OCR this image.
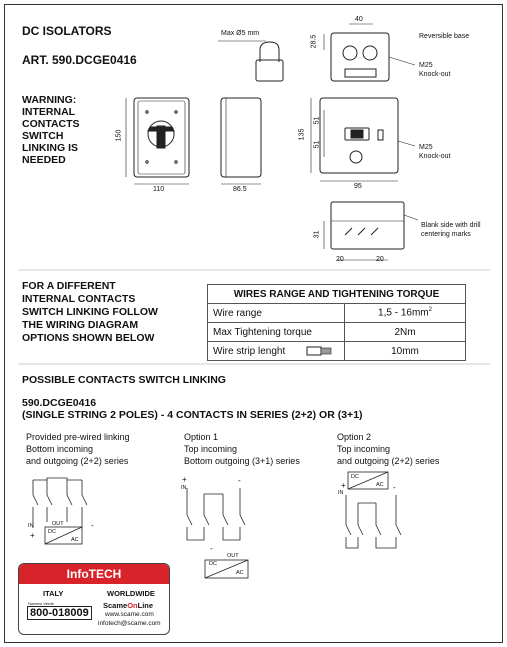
DC ISOLATORS
ART. 590.DCGE0416
WARNING:
INTERNAL
CONTACTS
SWITCH
LINKING IS
NEEDED
Max Ø5 mm	Reversible base
M25
Knock-out
M25
Knock-out
Blank side with drill
centering marks
40
28.5
150
110	86.5
135
51
51
95
31
20	20
FOR A DIFFERENT
INTERNAL CONTACTS
SWITCH LINKING FOLLOW
THE WIRING DIAGRAM
OPTIONS SHOWN BELOW
WIRES RANGE AND TIGHTENING TORQUE	
Wire range	$1,5 - 16mm^2$
Max Tightening torque	2Nm
Wire strip lenght	10mm
POSSIBLE CONTACTS SWITCH LINKING
590.DCGE0416
(SINGLE STRING 2 POLES) - 4 CONTACTS IN SERIES (2+2) OR (3+1)
Provided pre-wired linking
Bottom incoming
and outgoing (2+2) series
Option 1
Top incoming
Bottom outgoing (3+1) series
Option 2
Top incoming
and outgoing (2+2) series
IN	OUT
DC
AC
IN
OUT
DC
AC
DC
AC
IN
+
-
+	-
-
+	-
InfoTECH
ITALY	WORLDWIDE
Numero Verde
800-018009
ScameOnLine
www.scame.com
infotech@scame.com
